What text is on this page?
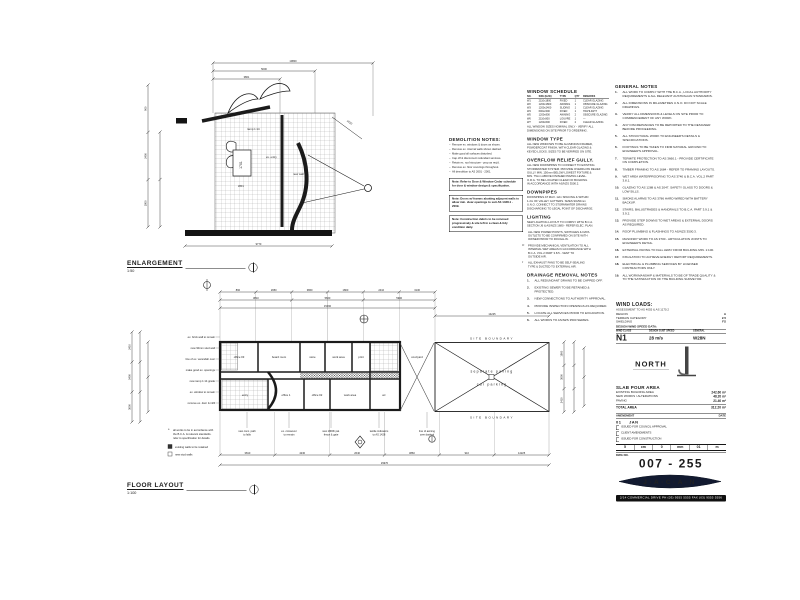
1701
1910
10800
5000
3801
900
2400
1800
9770
ramp 1:14
ex. entry
new wall
W01
ENLARGEMENT
1:50
DEMOLITION NOTES:
– Remove ex. windows & doors as shown.
– Remove ex. internal walls shown dashed.
– Make good all surfaces disturbed.
– Cap off & disconnect redundant services.
– Retain ex. roof structure - prop as req'd.
– Remove ex. floor coverings throughout.
– All demolition to AS 2601 - 2001.
Note: Refer to Door & Window Cedar schedule for door & window design & specification.
Note: Doors w/ frames abutting adjacent walls to allow min. clear openings to suit AS 1428.1 - 2009.
Note: Construction debris to be removed progressively & site left in a clean & tidy condition daily.
WINDOW SCHEDULE
NO.	SIZE (HxW)	TYPE	QTY	REMARKS
W1	2110x1800	FIXED	1	CLEAR GLAZING
W2	1200x1800	AWNING	1	OBSCURE GLAZING
W3	1200x2400	SLIDING	1	CLEAR GLAZING
W4	600x2400	FIXED	1	HIGHLIGHT
W5	1200x900	AWNING	2	OBSCURE GLAZING
W6	2110x900	LOUVRE	1	—
W7	1200x600	FIXED	2	CLEAR GLAZING
ALL WINDOW SIZES NOMINAL ONLY - VERIFY ALL
DIMENSIONS ON SITE PRIOR TO ORDERING.
WINDOW TYPE
ALL NEW WINDOWS TO BE ALUMINIUM FRAMED,
POWDERCOAT FINISH, WITH CLEAR GLAZING &
KEYED LOCKS. SIZES TO BE VERIFIED ON SITE.
OVERFLOW RELIEF GULLY.
ALL NEW DOWNPIPES TO CONNECT TO EXISTING
STORMWATER SYSTEM. PROVIDE OVERFLOW RELIEF
GULLY MIN. 150mm BELOW LOWEST FIXTURE &
MIN. 75mm ABOVE FINISHED PAVING LEVEL.
O.R.G. TO BE LOCATED CLEAR OF BUILDING
IN ACCORDANCE WITH AS/NZS 3500.2.
DOWNPIPES
DOWNPIPES AT MAX. 12m SPACING & WITHIN
1.2m OF VALLEY GUTTERS. SIZES 90x50mm
U.N.O. CONNECT TO STORMWATER DRAINS
DISCHARGING TO LEGAL POINT OF DISCHARGE.
LIGHTING
NEW LIGHTING LAYOUT TO COMPLY WITH B.C.A.
SECTION J6 & AS/NZS 1680 - REFER ELEC. PLAN.
* ALL NEW POWER POINTS, SWITCHES & DATA
OUTLETS TO BE CONFIRMED ON SITE WITH
OWNER PRIOR TO ROUGH-IN.
** PROVIDE MECHANICAL VENTILATION TO ALL
INTERNAL WET AREAS IN ACCORDANCE WITH
B.C.A. VOL.2 PART 3.8.5 - VENT TO
OUTSIDE AIR.
* ALL EXHAUST FANS TO BE SELF-SEALING
TYPE & DUCTED TO EXTERNAL AIR.
DRAINAGE REMOVAL NOTES
1. ALL REDUNDANT DRAINS TO BE CAPPED OFF.
2. EXISTING SEWER TO BE RETAINED & PROTECTED.
3. NEW CONNECTIONS TO AUTHORITY APPROVAL.
4. PROVIDE INSPECTION OPENINGS AS REQUIRED.
5. LOCATE ALL SERVICES PRIOR TO EXCAVATION.
6. ALL WORKS TO AS/NZS 3500 SERIES.
GENERAL NOTES
1. ALL WORK TO COMPLY WITH THE B.C.A., LOCAL AUTHORITY REQUIREMENTS & ALL RELEVANT AUSTRALIAN STANDARDS.
2. ALL DIMENSIONS IN MILLIMETRES U.N.O. DO NOT SCALE DRAWINGS.
3. VERIFY ALL DIMENSIONS & LEVELS ON SITE PRIOR TO COMMENCEMENT OF ANY WORK.
4. ANY DISCREPANCIES TO BE REPORTED TO THE DESIGNER BEFORE PROCEEDING.
5. ALL STRUCTURAL WORK TO ENGINEER'S DETAILS & SPECIFICATIONS.
6. FOOTINGS TO BE TAKEN TO FIRM NATURAL GROUND TO ENGINEER'S APPROVAL.
7. TERMITE PROTECTION TO AS 3660.1 - PROVIDE CERTIFICATE ON COMPLETION.
8. TIMBER FRAMING TO AS 1684 - REFER TO FRAMING LAYOUTS.
9. WET AREA WATERPROOFING TO AS 3740 & B.C.A. VOL.2 PART 3.8.1.
10. GLAZING TO AS 1288 & AS 2047. SAFETY GLASS TO DOORS & LOW SILLS.
11. SMOKE ALARMS TO AS 3786 HARD WIRED WITH BATTERY BACKUP.
12. STAIRS, BALUSTRADES & HANDRAILS TO B.C.A. PART 3.9.1 & 3.9.2.
13. PROVIDE STEP DOWNS TO WET AREAS & EXTERNAL DOORS AS REQUIRED.
14. ROOF PLUMBING & FLASHINGS TO AS/NZS 3500.3.
15. MASONRY WORK TO AS 3700 - ARTICULATION JOINTS TO ENGINEER'S DETAIL.
16. EXTERNAL PAVING TO FALL AWAY FROM BUILDING MIN. 1:100.
17. INSULATION TO ACHIEVE ENERGY REPORT REQUIREMENTS.
18. ELECTRICAL & PLUMBING SERVICES BY LICENSED CONTRACTORS ONLY.
19. ALL WORKMANSHIP & MATERIALS TO BE OF TRADE QUALITY & TO THE SATISFACTION OF THE BUILDING SURVEYOR.
SITE BOUNDARY
SITE BOUNDARY
separate paving
car parking
courtyard
860	2950	3860	1800	2410	3130
3810	5660	5990
15460
14225
2410
5400
3600
1800
3600
2410
3810	4230	2640	3860	910	14225
29970
office 03	board room	store	work area print
entry	office 1	office 02	work area	wc
ex. brick wall to remain
new 90mm stud wall
line of ex. verandah over
make good ex. openings
new ramp 1:14 grade
ex. window to remain
remove ex. door & infill
new conc. path
to falls
ex. crossover
to remain
new 1800h pal.
fence & gate
tactile indicators
to AS 1428
line of awning
over dashed
* all works to be in accordance with
the B.C.A. & relevant standards.
refer to specification for details.
existing walls to be retained
new stud walls
FLOOR LAYOUT
1:100
WIND LOADS:
ASSESSMENT TO AS 4055 & AS 1170.2
REGION	A
TERRAIN CATEGORY	2.5
SHIELDING	FS
DESIGN WIND SPEED DATA:
WIND CLASS	DESIGN GUST SPEED	GENERAL
N1	28 m/s	W28N
NORTH
SLAB POUR AREA
EXISTING BUILDING AREA	242.60 m²
NEW WORKS / ALTERATIONS	48.20 m²
PAVING	21.40 m²
TOTAL AREA	312.20 m²
AMENDMENT	DATE
01 JAN
ISSUED FOR COUNCIL APPROVAL
CLIENT AMENDMENTS
ISSUED FOR CONSTRUCTION
5	cm	0	mm	01	m
DWG NO.
007 - 255
J·A·C·A·N
2/14 COMMERCIAL DRIVE PH (03) 9555 5555 FAX (03) 9555 5556
